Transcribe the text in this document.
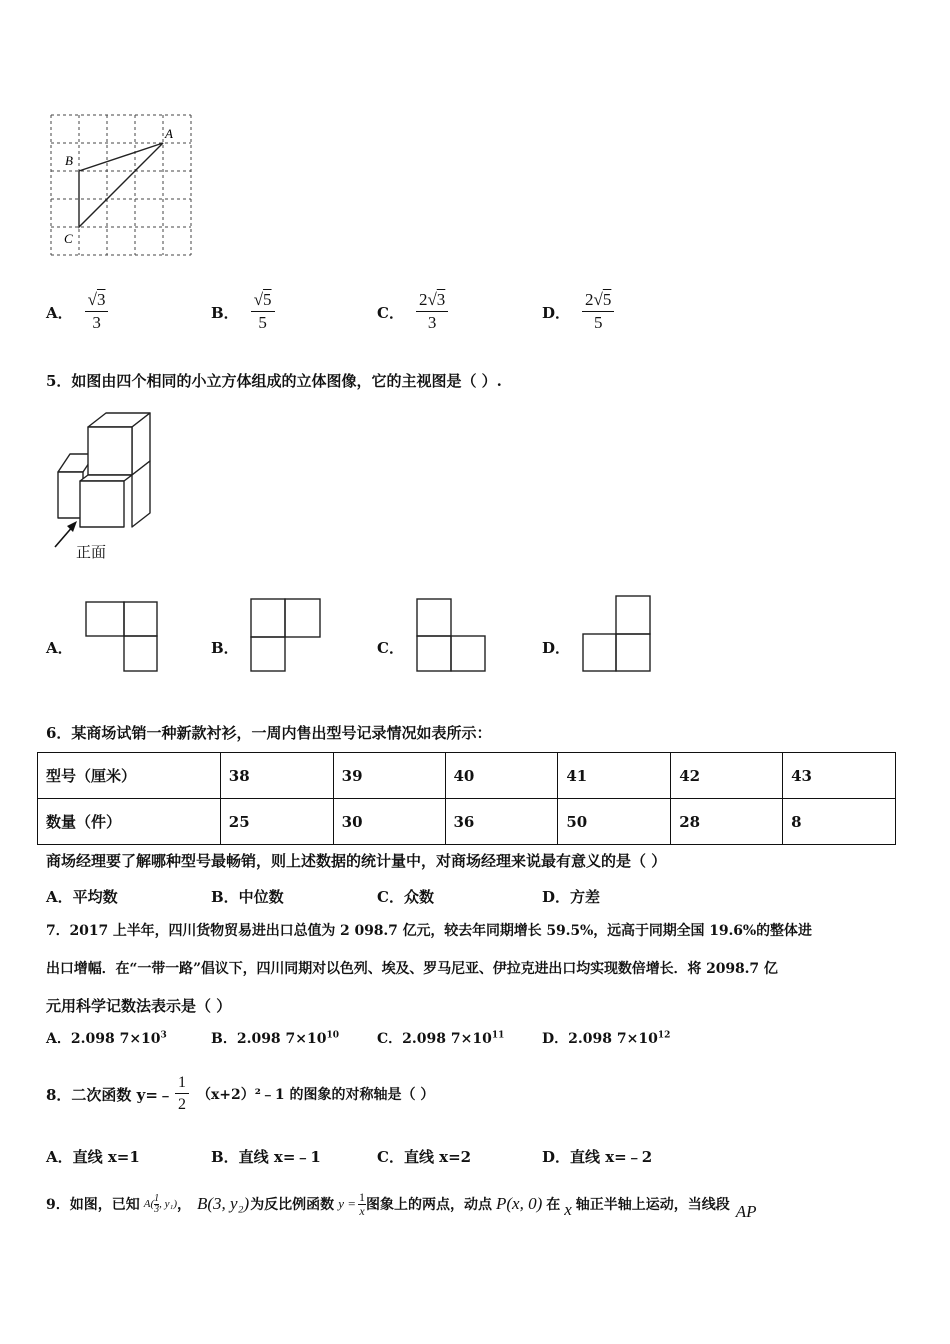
A
B
C
A． $\frac{√3}{3}$	B． $\frac{√5}{5}$	C． $\frac{2√3}{3}$	D． $\frac{2√5}{5}$
5．如图由四个相同的小立方体组成的立体图像，它的主视图是（ ）.
正面
A．	B．	C．	D．
6．某商场试销一种新款衬衫，一周内售出型号记录情况如表所示：
型号（厘米）	38	39	40	41	42	43
数量（件）	25	30	36	50	28	8
商场经理要了解哪种型号最畅销，则上述数据的统计量中，对商场经理来说最有意义的是（ ）
A．平均数	B．中位数	C．众数	D．方差
7．2017 上半年，四川货物贸易进出口总值为 2 098.7 亿元，较去年同期增长 59.5%，远高于同期全国 19.6%的整体进
出口增幅．在“一带一路”倡议下，四川同期对以色列、埃及、罗马尼亚、伊拉克进出口均实现数倍增长．将 2098.7 亿
元用科学记数法表示是（ ）
A．2.098 $7\times 10^3$	B．2.098 $7\times 10^{10}$	C．2.098 $7\times 10^{11}$	D．2.098 $7\times 10^{12}$
8．二次函数 y=﹣ $\frac{1}{2}$ （x+2）²﹣1 的图象的对称轴是（ ）
A．直线 x=1	B．直线 x=﹣1	C．直线 x=2	D．直线 x=﹣2
9．如图，已知 A( 1
3 , y₁) ， B(3, y₂) 为反比例函数 $y = \frac{1}{x}$ 图象上的两点，动点 P(x, 0) 在 x 轴正半轴上运动，当线段 AP
